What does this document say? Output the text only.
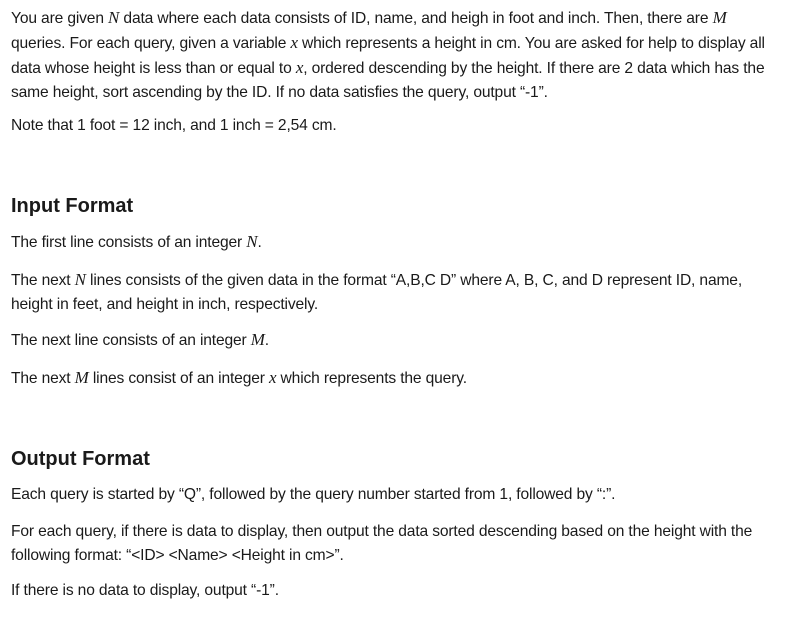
You are given N data where each data consists of ID, name, and heigh in foot and inch. Then, there are M queries. For each query, given a variable x which represents a height in cm. You are asked for help to display all data whose height is less than or equal to x, ordered descending by the height. If there are 2 data which has the same height, sort ascending by the ID. If no data satisfies the query, output “-1”.

Note that 1 foot = 12 inch, and 1 inch = 2,54 cm.

Input Format

The first line consists of an integer N.

The next N lines consists of the given data in the format “A,B,C D” where A, B, C, and D represent ID, name, height in feet, and height in inch, respectively.

The next line consists of an integer M.

The next M lines consist of an integer x which represents the query.

Output Format

Each query is started by “Q”, followed by the query number started from 1, followed by “:”.

For each query, if there is data to display, then output the data sorted descending based on the height with the following format: “<ID> <Name> <Height in cm>”.

If there is no data to display, output “-1”.
